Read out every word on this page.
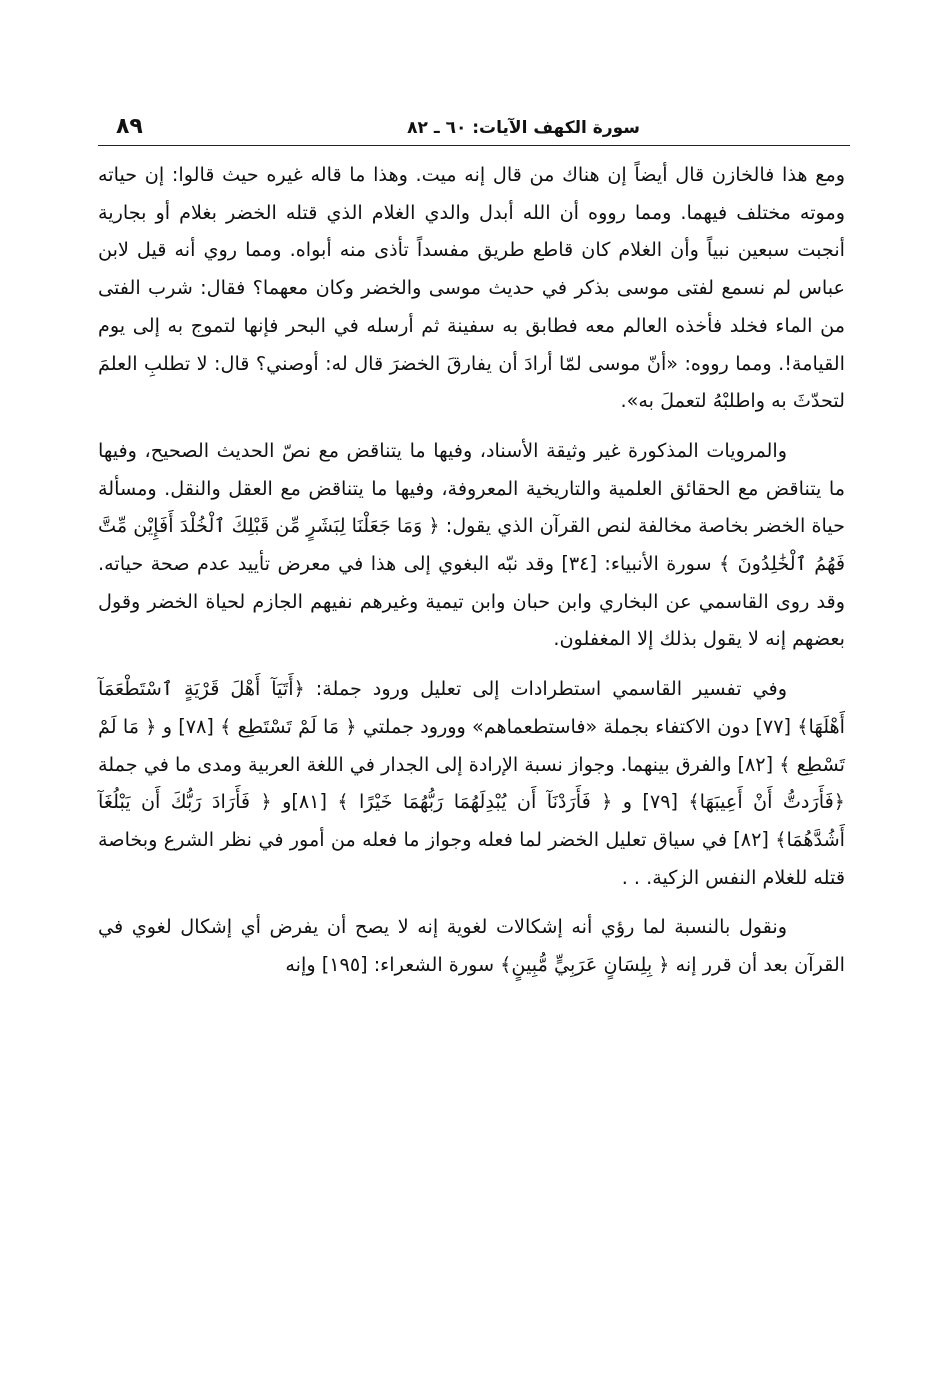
٨٩	سورة الكهف الآيات: ٦٠ ـ ٨٢

ومع هذا فالخازن قال أيضاً إن هناك من قال إنه ميت. وهذا ما قاله غيره حيث قالوا: إن حياته وموته مختلف فيهما. ومما رووه أن الله أبدل والدي الغلام الذي قتله الخضر بغلام أو بجارية أنجبت سبعين نبياً وأن الغلام كان قاطع طريق مفسداً تأذى منه أبواه. ومما روي أنه قيل لابن عباس لم نسمع لفتى موسى بذكر في حديث موسى والخضر وكان معهما؟ فقال: شرب الفتى من الماء فخلد فأخذه العالم معه فطابق به سفينة ثم أرسله في البحر فإنها لتموج به إلى يوم القيامة!. ومما رووه: «أنّ موسى لمّا أرادَ أن يفارقَ الخضرَ قال له: أوصني؟ قال: لا تطلبِ العلمَ لتحدّثَ به واطلبْهُ لتعملَ به».

والمرويات المذكورة غير وثيقة الأسناد، وفيها ما يتناقض مع نصّ الحديث الصحيح، وفيها ما يتناقض مع الحقائق العلمية والتاريخية المعروفة، وفيها ما يتناقض مع العقل والنقل. ومسألة حياة الخضر بخاصة مخالفة لنص القرآن الذي يقول: ﴿ وَمَا جَعَلْنَا لِبَشَرٍ مِّن قَبْلِكَ ٱلْخُلْدَ أَفَإِيْن مِّتَّ فَهُمُ ٱلْخَٰلِدُونَ ﴾ سورة الأنبياء: [٣٤] وقد نبّه البغوي إلى هذا في معرض تأييد عدم صحة حياته. وقد روى القاسمي عن البخاري وابن حبان وابن تيمية وغيرهم نفيهم الجازم لحياة الخضر وقول بعضهم إنه لا يقول بذلك إلا المغفلون.

وفي تفسير القاسمي استطرادات إلى تعليل ورود جملة: ﴿أَتَيَآ أَهْلَ قَرْيَةٍ ٱسْتَطْعَمَآ أَهْلَهَا﴾ [٧٧] دون الاكتفاء بجملة «فاستطعماهم» وورود جملتي ﴿ مَا لَمْ تَسْتَطِع ﴾ [٧٨] و ﴿ مَا لَمْ تَسْطِع ﴾ [٨٢] والفرق بينهما. وجواز نسبة الإرادة إلى الجدار في اللغة العربية ومدى ما في جملة ﴿فَأَرَدتُّ أَنْ أَعِيبَهَا﴾ [٧٩] و ﴿ فَأَرَدْنَآ أَن يُبْدِلَهُمَا رَبُّهُمَا خَيْرًا ﴾ [٨١]و ﴿ فَأَرَادَ رَبُّكَ أَن يَبْلُغَآ أَشُدَّهُمَا﴾ [٨٢] في سياق تعليل الخضر لما فعله وجواز ما فعله من أمور في نظر الشرع وبخاصة قتله للغلام النفس الزكية. . .

ونقول بالنسبة لما رؤي أنه إشكالات لغوية إنه لا يصح أن يفرض أي إشكال لغوي في القرآن بعد أن قرر إنه ﴿ بِلِسَانٍ عَرَبِيٍّ مُّبِينٍ﴾ سورة الشعراء: [١٩٥] وإنه
